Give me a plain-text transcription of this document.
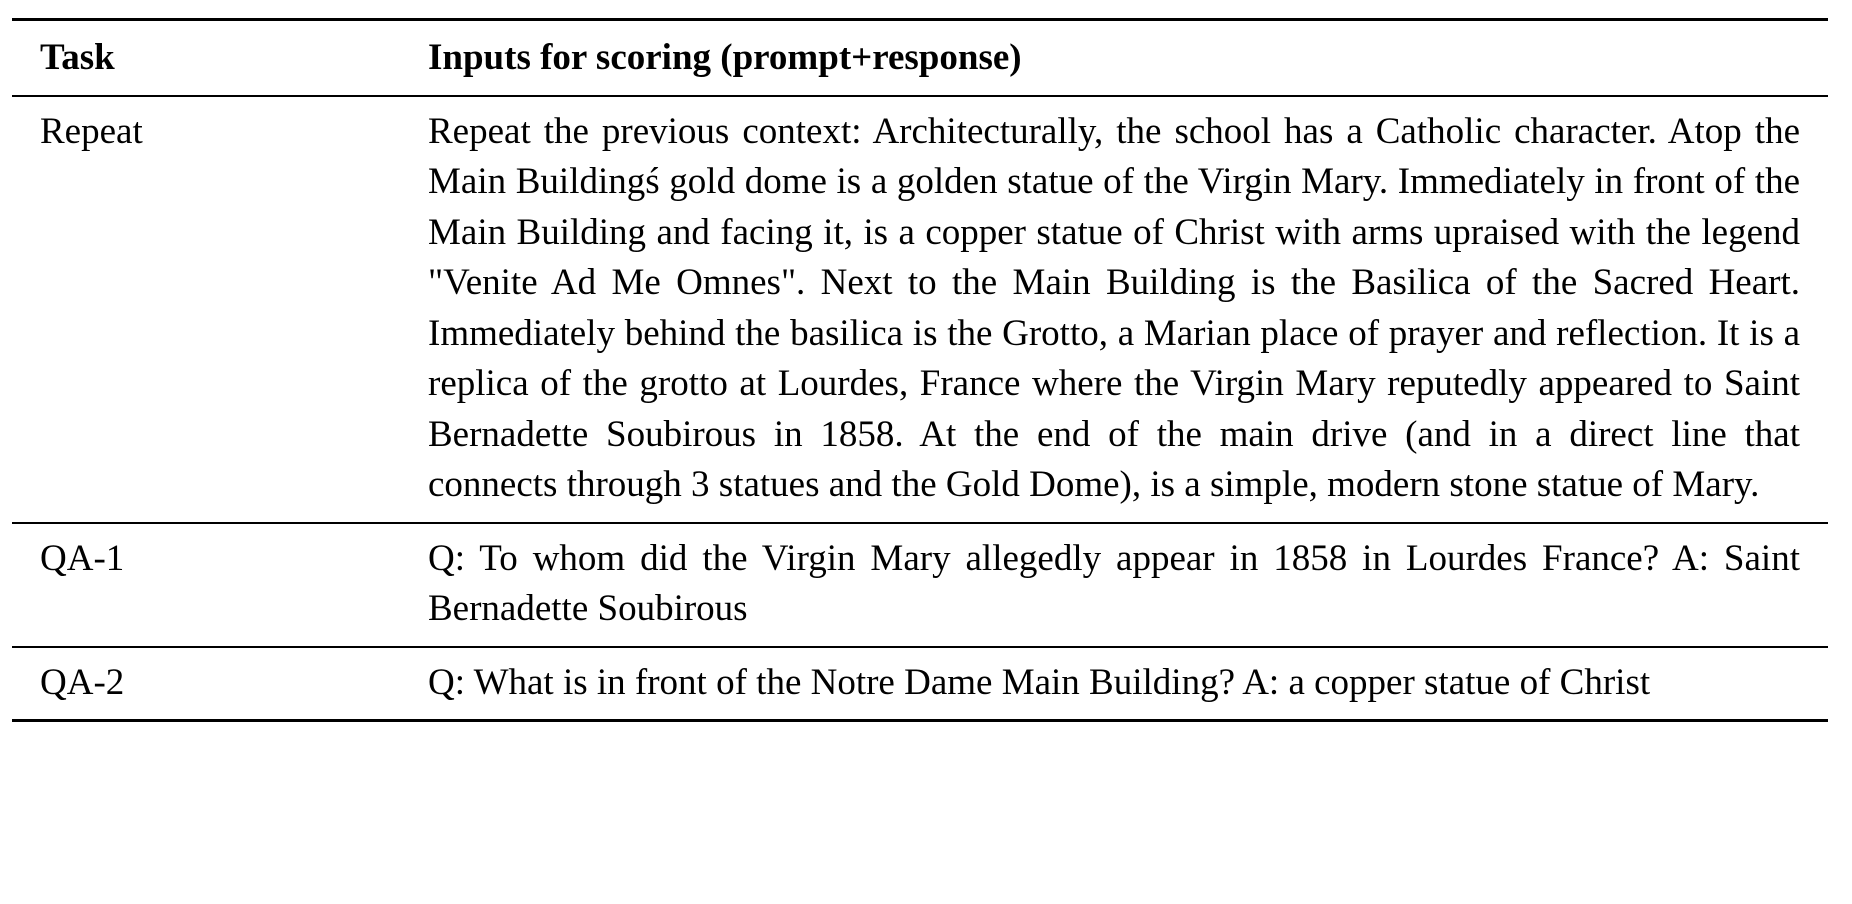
Task	Inputs for scoring (prompt+response)
Repeat	Repeat the previous context: Architecturally, the school has a Catholic character. Atop the Main Buildingś gold dome is a golden statue of the Virgin Mary. Immediately in front of the Main Building and facing it, is a copper statue of Christ with arms upraised with the legend "Venite Ad Me Omnes". Next to the Main Building is the Basilica of the Sacred Heart. Immediately behind the basilica is the Grotto, a Marian place of prayer and reflection. It is a replica of the grotto at Lourdes, France where the Virgin Mary reputedly appeared to Saint Bernadette Soubirous in 1858. At the end of the main drive (and in a direct line that connects through 3 statues and the Gold Dome), is a simple, modern stone statue of Mary.
QA-1	Q: To whom did the Virgin Mary allegedly appear in 1858 in Lourdes France? A: Saint Bernadette Soubirous
QA-2	Q: What is in front of the Notre Dame Main Building? A: a copper statue of Christ
